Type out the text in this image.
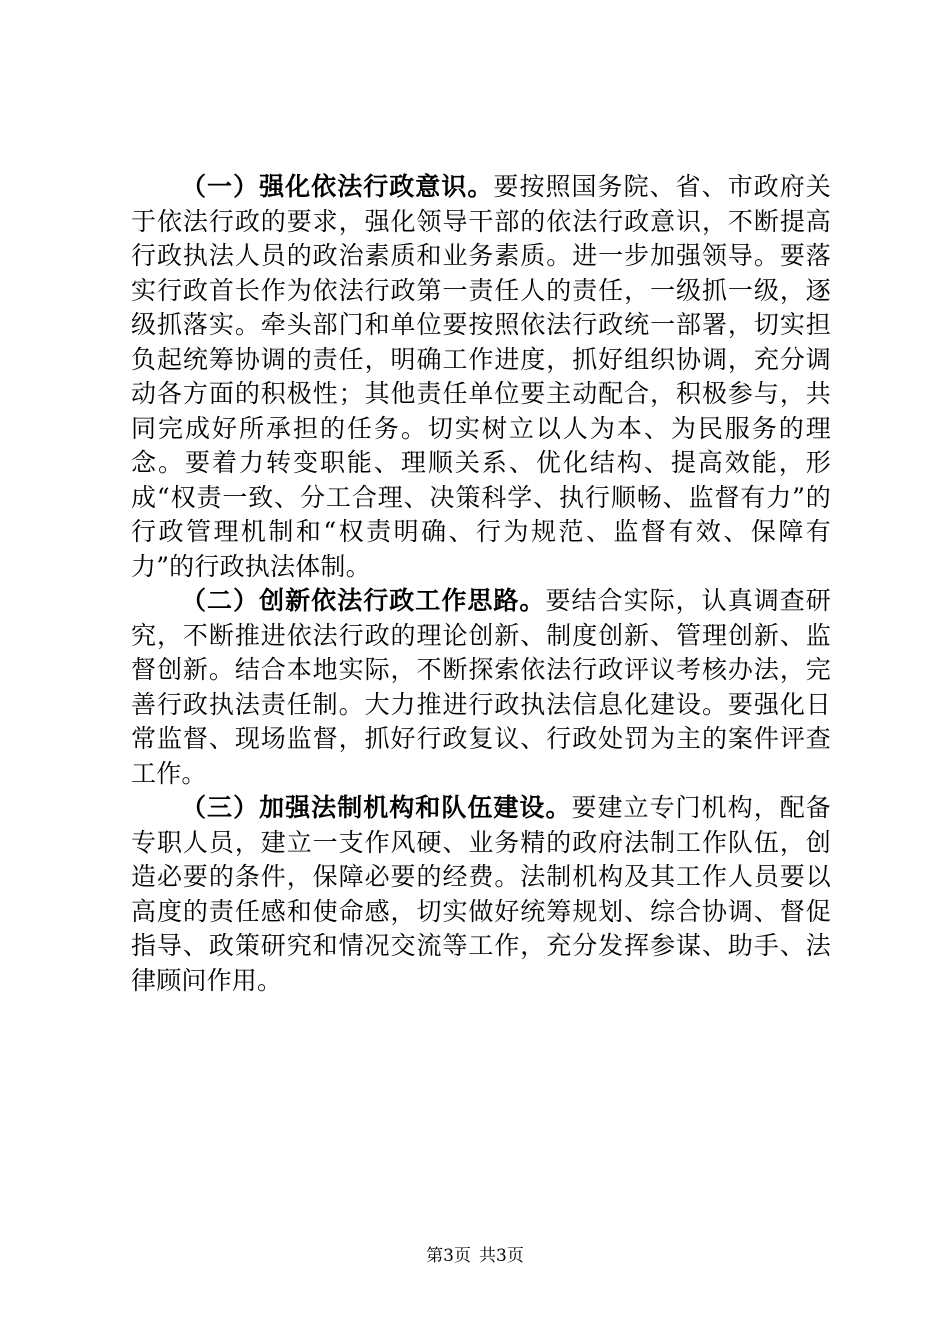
（一）强化依法行政意识。要按照国务院、省、市政府关于依法行政的要求，强化领导干部的依法行政意识，不断提高行政执法人员的政治素质和业务素质。进一步加强领导。要落实行政首长作为依法行政第一责任人的责任，一级抓一级，逐级抓落实。牵头部门和单位要按照依法行政统一部署，切实担负起统筹协调的责任，明确工作进度，抓好组织协调，充分调动各方面的积极性；其他责任单位要主动配合，积极参与，共同完成好所承担的任务。切实树立以人为本、为民服务的理念。要着力转变职能、理顺关系、优化结构、提高效能，形成“权责一致、分工合理、决策科学、执行顺畅、监督有力”的行政管理机制和“权责明确、行为规范、监督有效、保障有力”的行政执法体制。

（二）创新依法行政工作思路。要结合实际，认真调查研究，不断推进依法行政的理论创新、制度创新、管理创新、监督创新。结合本地实际，不断探索依法行政评议考核办法，完善行政执法责任制。大力推进行政执法信息化建设。要强化日常监督、现场监督，抓好行政复议、行政处罚为主的案件评查工作。

（三）加强法制机构和队伍建设。要建立专门机构，配备专职人员，建立一支作风硬、业务精的政府法制工作队伍，创造必要的条件，保障必要的经费。法制机构及其工作人员要以高度的责任感和使命感，切实做好统筹规划、综合协调、督促指导、政策研究和情况交流等工作，充分发挥参谋、助手、法律顾问作用。

第3页 共3页
